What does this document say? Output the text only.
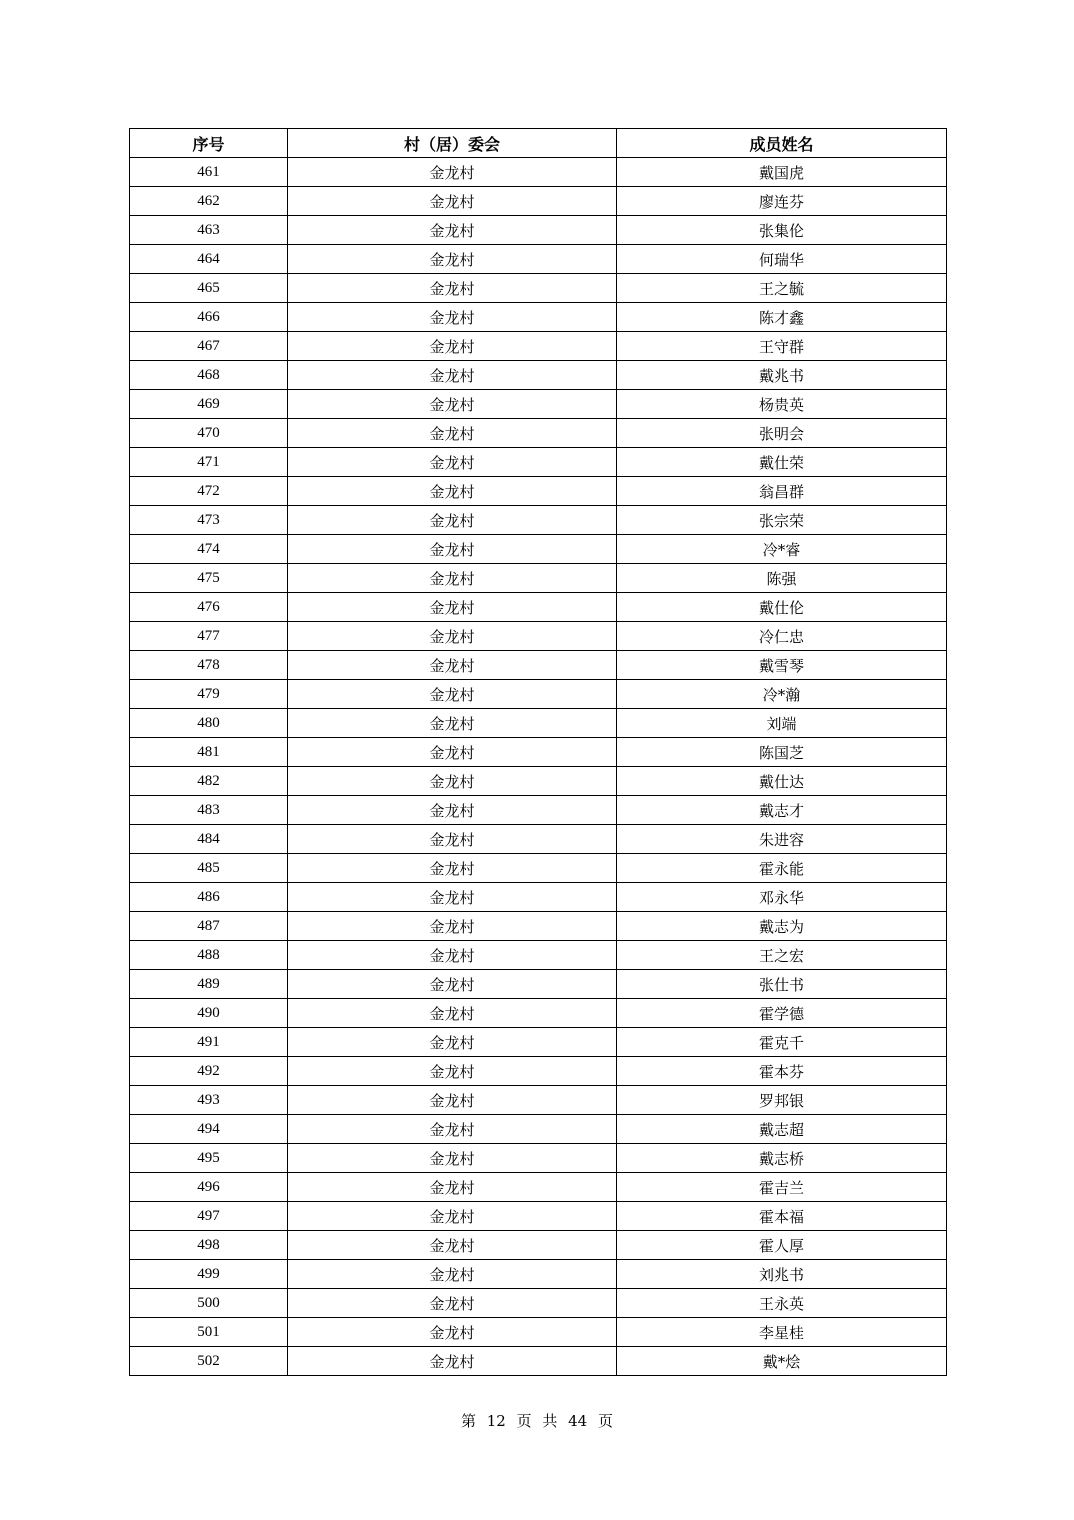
序号	村（居）委会	成员姓名
461	金龙村	戴国虎
462	金龙村	廖连芬
463	金龙村	张集伦
464	金龙村	何瑞华
465	金龙村	王之毓
466	金龙村	陈才鑫
467	金龙村	王守群
468	金龙村	戴兆书
469	金龙村	杨贵英
470	金龙村	张明会
471	金龙村	戴仕荣
472	金龙村	翁昌群
473	金龙村	张宗荣
474	金龙村	冷*睿
475	金龙村	陈强
476	金龙村	戴仕伦
477	金龙村	冷仁忠
478	金龙村	戴雪琴
479	金龙村	冷*瀚
480	金龙村	刘端
481	金龙村	陈国芝
482	金龙村	戴仕达
483	金龙村	戴志才
484	金龙村	朱进容
485	金龙村	霍永能
486	金龙村	邓永华
487	金龙村	戴志为
488	金龙村	王之宏
489	金龙村	张仕书
490	金龙村	霍学德
491	金龙村	霍克千
492	金龙村	霍本芬
493	金龙村	罗邦银
494	金龙村	戴志超
495	金龙村	戴志桥
496	金龙村	霍吉兰
497	金龙村	霍本福
498	金龙村	霍人厚
499	金龙村	刘兆书
500	金龙村	王永英
501	金龙村	李星桂
502	金龙村	戴*烩
第 12 页 共 44 页
